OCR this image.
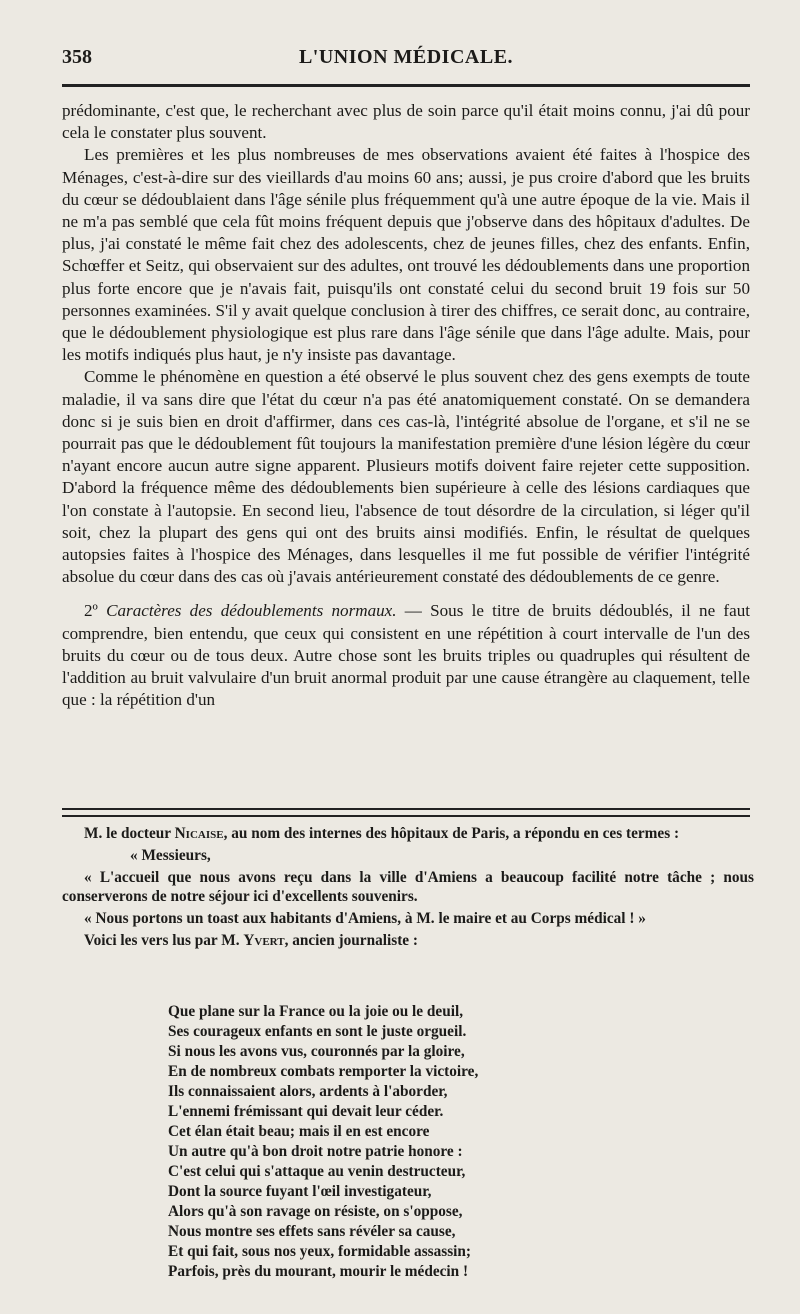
358	L'UNION MÉDICALE.

prédominante, c'est que, le recherchant avec plus de soin parce qu'il était moins connu, j'ai dû pour cela le constater plus souvent.

Les premières et les plus nombreuses de mes observations avaient été faites à l'hospice des Ménages, c'est-à-dire sur des vieillards d'au moins 60 ans; aussi, je pus croire d'abord que les bruits du cœur se dédoublaient dans l'âge sénile plus fréquemment qu'à une autre époque de la vie. Mais il ne m'a pas semblé que cela fût moins fréquent depuis que j'observe dans des hôpitaux d'adultes. De plus, j'ai constaté le même fait chez des adolescents, chez de jeunes filles, chez des enfants. Enfin, Schœffer et Seitz, qui observaient sur des adultes, ont trouvé les dédoublements dans une proportion plus forte encore que je n'avais fait, puisqu'ils ont constaté celui du second bruit 19 fois sur 50 personnes examinées. S'il y avait quelque conclusion à tirer des chiffres, ce serait donc, au contraire, que le dédoublement physiologique est plus rare dans l'âge sénile que dans l'âge adulte. Mais, pour les motifs indiqués plus haut, je n'y insiste pas davantage.

Comme le phénomène en question a été observé le plus souvent chez des gens exempts de toute maladie, il va sans dire que l'état du cœur n'a pas été anatomiquement constaté. On se demandera donc si je suis bien en droit d'affirmer, dans ces cas-là, l'intégrité absolue de l'organe, et s'il ne se pourrait pas que le dédoublement fût toujours la manifestation première d'une lésion légère du cœur n'ayant encore aucun autre signe apparent. Plusieurs motifs doivent faire rejeter cette supposition. D'abord la fréquence même des dédoublements bien supérieure à celle des lésions cardiaques que l'on constate à l'autopsie. En second lieu, l'absence de tout désordre de la circulation, si léger qu'il soit, chez la plupart des gens qui ont des bruits ainsi modifiés. Enfin, le résultat de quelques autopsies faites à l'hospice des Ménages, dans lesquelles il me fut possible de vérifier l'intégrité absolue du cœur dans des cas où j'avais antérieurement constaté des dédoublements de ce genre.

2º Caractères des dédoublements normaux. — Sous le titre de bruits dédoublés, il ne faut comprendre, bien entendu, que ceux qui consistent en une répétition à court intervalle de l'un des bruits du cœur ou de tous deux. Autre chose sont les bruits triples ou quadruples qui résultent de l'addition au bruit valvulaire d'un bruit anormal produit par une cause étrangère au claquement, telle que : la répétition d'un

M. le docteur Nicaise, au nom des internes des hôpitaux de Paris, a répondu en ces termes :

« Messieurs,

« L'accueil que nous avons reçu dans la ville d'Amiens a beaucoup facilité notre tâche ; nous conserverons de notre séjour ici d'excellents souvenirs.

« Nous portons un toast aux habitants d'Amiens, à M. le maire et au Corps médical ! »

Voici les vers lus par M. Yvert, ancien journaliste :

Que plane sur la France ou la joie ou le deuil,
Ses courageux enfants en sont le juste orgueil.
Si nous les avons vus, couronnés par la gloire,
En de nombreux combats remporter la victoire,
Ils connaissaient alors, ardents à l'aborder,
L'ennemi frémissant qui devait leur céder.
Cet élan était beau; mais il en est encore
Un autre qu'à bon droit notre patrie honore :
C'est celui qui s'attaque au venin destructeur,
Dont la source fuyant l'œil investigateur,
Alors qu'à son ravage on résiste, on s'oppose,
Nous montre ses effets sans révéler sa cause,
Et qui fait, sous nos yeux, formidable assassin;
Parfois, près du mourant, mourir le médecin !
